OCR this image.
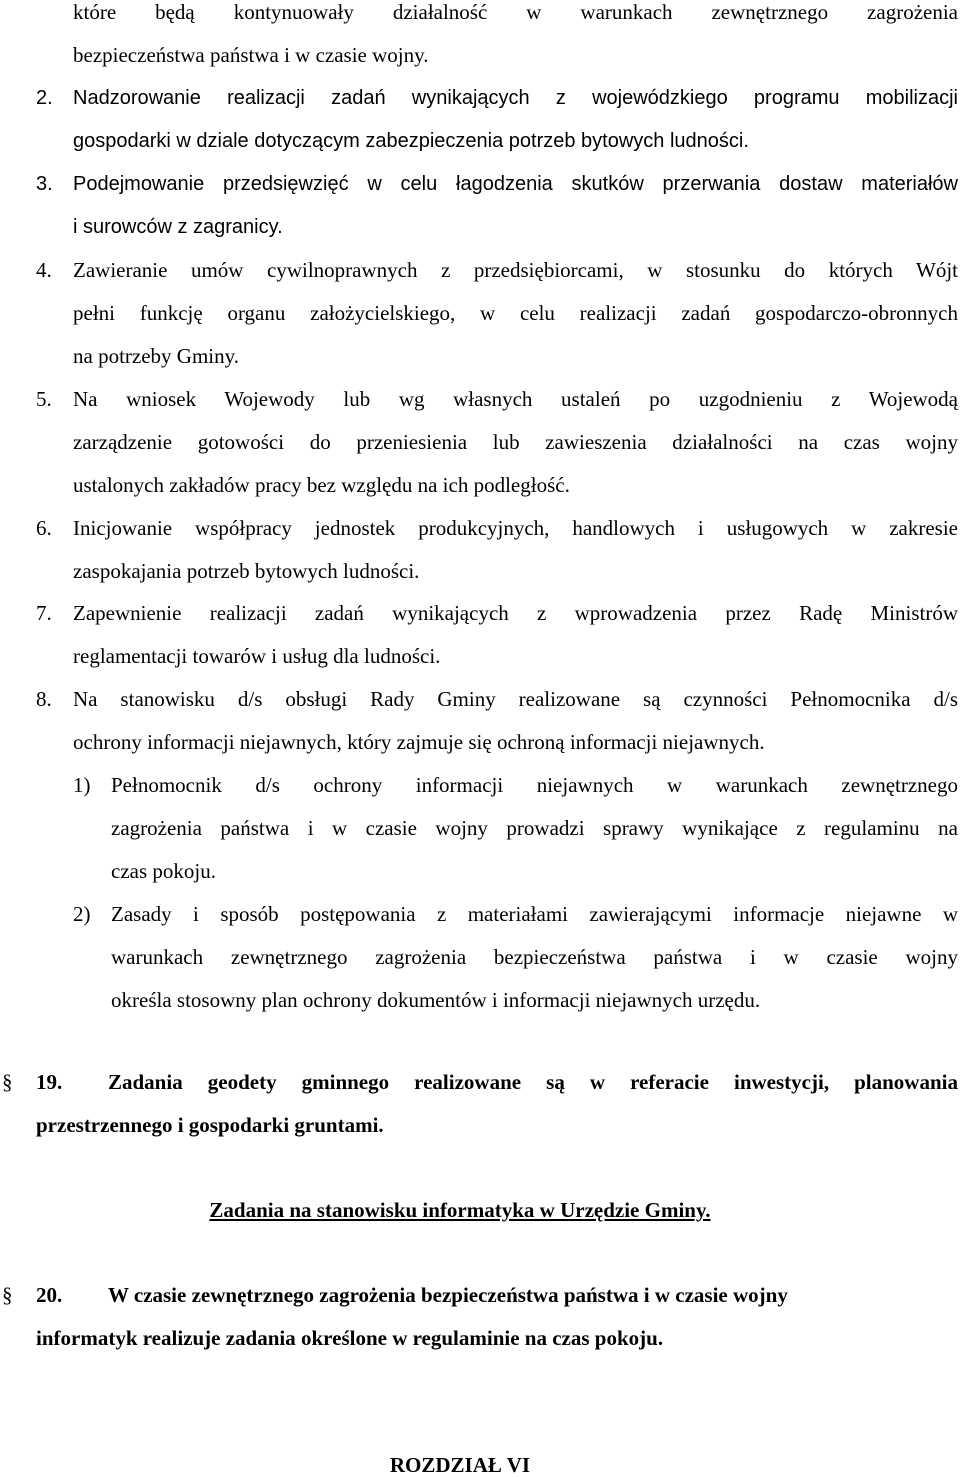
które będą kontynuowały działalność w warunkach zewnętrznego zagrożenia
bezpieczeństwa państwa i w czasie wojny.
2. Nadzorowanie realizacji zadań wynikających z wojewódzkiego programu mobilizacji
gospodarki w dziale dotyczącym zabezpieczenia potrzeb bytowych ludności.
3. Podejmowanie przedsięwzięć w celu łagodzenia skutków przerwania dostaw materiałów
i surowców z zagranicy.
4. Zawieranie umów cywilnoprawnych z przedsiębiorcami, w stosunku do których Wójt
pełni funkcję organu założycielskiego, w celu realizacji zadań gospodarczo-obronnych
na potrzeby Gminy.
5. Na wniosek Wojewody lub wg własnych ustaleń po uzgodnieniu z Wojewodą
zarządzenie gotowości do przeniesienia lub zawieszenia działalności na czas wojny
ustalonych zakładów pracy bez względu na ich podległość.
6. Inicjowanie współpracy jednostek produkcyjnych, handlowych i usługowych w zakresie
zaspokajania potrzeb bytowych ludności.
7. Zapewnienie realizacji zadań wynikających z wprowadzenia przez Radę Ministrów
reglamentacji towarów i usług dla ludności.
8. Na stanowisku d/s obsługi Rady Gminy realizowane są czynności Pełnomocnika d/s
ochrony informacji niejawnych, który zajmuje się ochroną informacji niejawnych.
1) Pełnomocnik d/s ochrony informacji niejawnych w warunkach zewnętrznego
zagrożenia państwa i w czasie wojny prowadzi sprawy wynikające z regulaminu na
czas pokoju.
2) Zasady i sposób postępowania z materiałami zawierającymi informacje niejawne w
warunkach zewnętrznego zagrożenia bezpieczeństwa państwa i w czasie wojny
określa stosowny plan ochrony dokumentów i informacji niejawnych urzędu.
§ 19. Zadania geodety gminnego realizowane są w referacie inwestycji, planowania
przestrzennego i gospodarki gruntami.
Zadania na stanowisku informatyka w Urzędzie Gminy.
§ 20. W czasie zewnętrznego zagrożenia bezpieczeństwa państwa i w czasie wojny
informatyk realizuje zadania określone w regulaminie na czas pokoju.
ROZDZIAŁ VI
